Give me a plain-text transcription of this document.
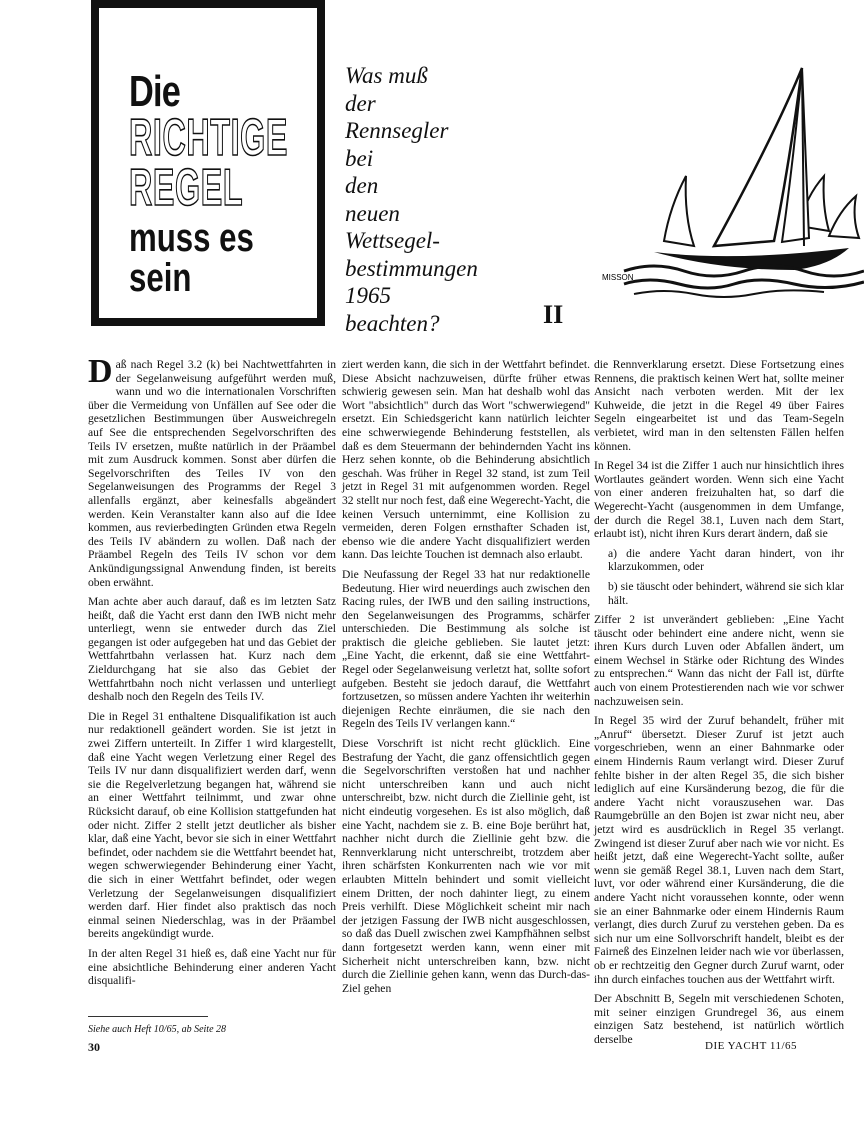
Die
RICHTIGE
REGEL
muss es
sein
Was muß
der
Rennsegler
bei
den
neuen
Wettsegel-
bestimmungen
1965
beachten?	II
MISSON

Daß nach Regel 3.2 (k) bei Nachtwettfahrten in der Segelanweisung aufgeführt werden muß, wann und wo die internationalen Vorschriften über die Vermeidung von Unfällen auf See oder die gesetzlichen Bestimmungen über Ausweichregeln auf See die entsprechenden Segelvorschriften des Teils IV ersetzen, mußte natürlich in der Präambel mit zum Ausdruck kommen. Sonst aber dürfen die Segelvorschriften des Teiles IV von den Segelanweisungen des Programms der Regel 3 allenfalls ergänzt, aber keinesfalls abgeändert werden. Kein Veranstalter kann also auf die Idee kommen, aus revierbedingten Gründen etwa Regeln des Teils IV abändern zu wollen. Daß nach der Präambel Regeln des Teils IV schon vor dem Ankündigungssignal Anwendung finden, ist bereits oben erwähnt.

Man achte aber auch darauf, daß es im letzten Satz heißt, daß die Yacht erst dann den IWB nicht mehr unterliegt, wenn sie entweder durch das Ziel gegangen ist oder aufgegeben hat und das Gebiet der Wettfahrtbahn verlassen hat. Kurz nach dem Zieldurchgang hat sie also das Gebiet der Wettfahrtbahn noch nicht verlassen und unterliegt deshalb noch den Regeln des Teils IV.

Die in Regel 31 enthaltene Disqualifikation ist auch nur redaktionell geändert worden. Sie ist jetzt in zwei Ziffern unterteilt. In Ziffer 1 wird klargestellt, daß eine Yacht wegen Verletzung einer Regel des Teils IV nur dann disqualifiziert werden darf, wenn sie die Regelverletzung begangen hat, während sie an einer Wettfahrt teilnimmt, und zwar ohne Rücksicht darauf, ob eine Kollision stattgefunden hat oder nicht. Ziffer 2 stellt jetzt deutlicher als bisher klar, daß eine Yacht, bevor sie sich in einer Wettfahrt befindet, oder nachdem sie die Wettfahrt beendet hat, wegen schwerwiegender Behinderung einer Yacht, die sich in einer Wettfahrt befindet, oder wegen Verletzung der Segelanweisungen disqualifiziert werden darf. Hier findet also praktisch das noch einmal seinen Niederschlag, was in der Präambel bereits angekündigt wurde.

In der alten Regel 31 hieß es, daß eine Yacht nur für eine absichtliche Behinderung einer anderen Yacht disqualifi-

ziert werden kann, die sich in der Wettfahrt befindet. Diese Absicht nachzuweisen, dürfte früher etwas schwierig gewesen sein. Man hat deshalb wohl das Wort "absichtlich" durch das Wort "schwerwiegend" ersetzt. Ein Schiedsgericht kann natürlich leichter eine schwerwiegende Behinderung feststellen, als daß es dem Steuermann der behindernden Yacht ins Herz sehen konnte, ob die Behinderung absichtlich geschah. Was früher in Regel 32 stand, ist zum Teil jetzt in Regel 31 mit aufgenommen worden. Regel 32 stellt nur noch fest, daß eine Wegerecht-Yacht, die keinen Versuch unternimmt, eine Kollision zu vermeiden, deren Folgen ernsthafter Schaden ist, ebenso wie die andere Yacht disqualifiziert werden kann. Das leichte Touchen ist demnach also erlaubt.

Die Neufassung der Regel 33 hat nur redaktionelle Bedeutung. Hier wird neuerdings auch zwischen den Racing rules, der IWB und den sailing instructions, den Segelanweisungen des Programms, schärfer unterschieden. Die Bestimmung als solche ist praktisch die gleiche geblieben. Sie lautet jetzt: „Eine Yacht, die erkennt, daß sie eine Wettfahrt-Regel oder Segelanweisung verletzt hat, sollte sofort aufgeben. Besteht sie jedoch darauf, die Wettfahrt fortzusetzen, so müssen andere Yachten ihr weiterhin diejenigen Rechte einräumen, die sie nach den Regeln des Teils IV verlangen kann.“

Diese Vorschrift ist nicht recht glücklich. Eine Bestrafung der Yacht, die ganz offensichtlich gegen die Segelvorschriften verstoßen hat und nachher nicht unterschreiben kann und auch nicht unterschreibt, bzw. nicht durch die Ziellinie geht, ist nicht eindeutig vorgesehen. Es ist also möglich, daß eine Yacht, nachdem sie z. B. eine Boje berührt hat, nachher nicht durch die Ziellinie geht bzw. die Rennverklarung nicht unterschreibt, trotzdem aber ihren schärfsten Konkurrenten nach wie vor mit erlaubten Mitteln behindert und somit vielleicht einem Dritten, der noch dahinter liegt, zu einem Preis verhilft. Diese Möglichkeit scheint mir nach der jetzigen Fassung der IWB nicht ausgeschlossen, so daß das Duell zwischen zwei Kampfhähnen selbst dann fortgesetzt werden kann, wenn einer mit Sicherheit nicht unterschreiben kann, bzw. nicht durch die Ziellinie gehen kann, wenn das Durch-das-Ziel gehen

die Rennverklarung ersetzt. Diese Fortsetzung eines Rennens, die praktisch keinen Wert hat, sollte meiner Ansicht nach verboten werden. Mit der lex Kuhweide, die jetzt in die Regel 49 über Faires Segeln eingearbeitet ist und das Team-Segeln verbietet, wird man in den seltensten Fällen helfen können.

In Regel 34 ist die Ziffer 1 auch nur hinsichtlich ihres Wortlautes geändert worden. Wenn sich eine Yacht von einer anderen freizuhalten hat, so darf die Wegerecht-Yacht (ausgenommen in dem Umfange, der durch die Regel 38.1, Luven nach dem Start, erlaubt ist), nicht ihren Kurs derart ändern, daß sie

a) die andere Yacht daran hindert, von ihr klarzukommen, oder

b) sie täuscht oder behindert, während sie sich klar hält.

Ziffer 2 ist unverändert geblieben: „Eine Yacht täuscht oder behindert eine andere nicht, wenn sie ihren Kurs durch Luven oder Abfallen ändert, um einem Wechsel in Stärke oder Richtung des Windes zu entsprechen.“ Wann das nicht der Fall ist, dürfte auch von einem Protestierenden nach wie vor schwer nachzuweisen sein.

In Regel 35 wird der Zuruf behandelt, früher mit „Anruf“ übersetzt. Dieser Zuruf ist jetzt auch vorgeschrieben, wenn an einer Bahnmarke oder einem Hindernis Raum verlangt wird. Dieser Zuruf fehlte bisher in der alten Regel 35, die sich bisher lediglich auf eine Kursänderung bezog, die für die andere Yacht nicht vorauszusehen war. Das Raumgebrülle an den Bojen ist zwar nicht neu, aber jetzt wird es ausdrücklich in Regel 35 verlangt. Zwingend ist dieser Zuruf aber nach wie vor nicht. Es heißt jetzt, daß eine Wegerecht-Yacht sollte, außer wenn sie gemäß Regel 38.1, Luven nach dem Start, luvt, vor oder während einer Kursänderung, die die andere Yacht nicht voraussehen konnte, oder wenn sie an einer Bahnmarke oder einem Hindernis Raum verlangt, dies durch Zuruf zu verstehen geben. Da es sich nur um eine Sollvorschrift handelt, bleibt es der Fairneß des Einzelnen leider nach wie vor überlassen, ob er rechtzeitig den Gegner durch Zuruf warnt, oder ihn durch einfaches touchen aus der Wettfahrt wirft.

Der Abschnitt B, Segeln mit verschiedenen Schoten, mit seiner einzigen Grundregel 36, aus einem einzigen Satz bestehend, ist natürlich wörtlich derselbe

Siehe auch Heft 10/65, ab Seite 28
30	DIE YACHT 11/65
